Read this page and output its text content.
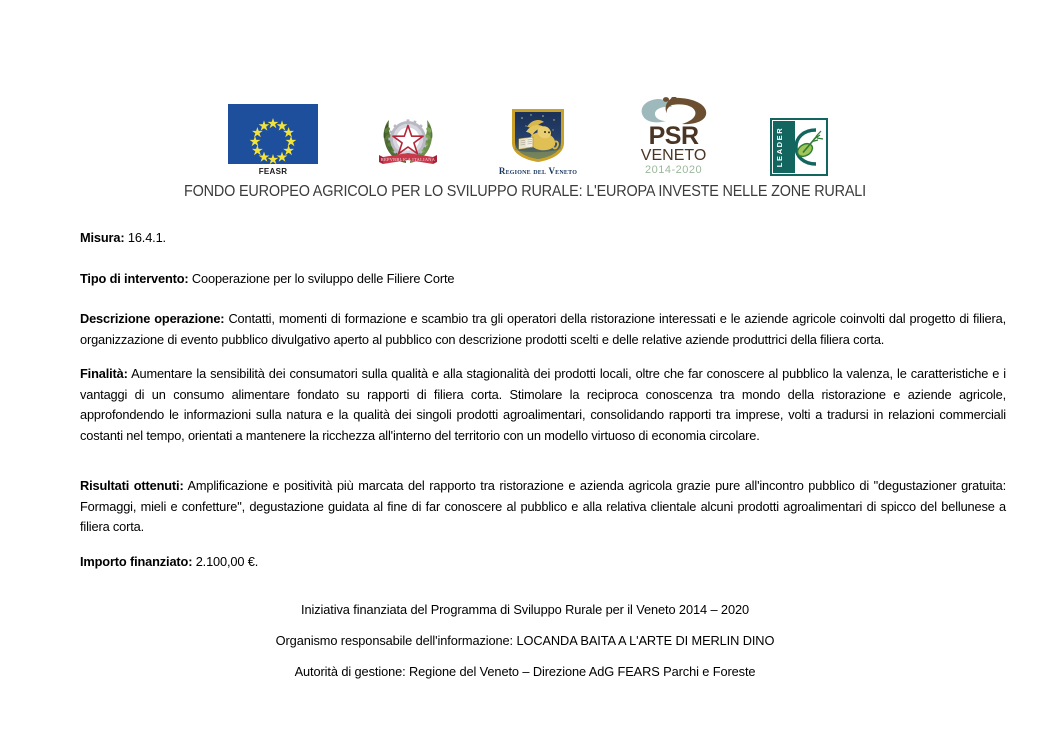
FEASR
REPVBBLICA ITALIANA
Regione del Veneto
PSR
VENETO
2014-2020
LEADER
FONDO EUROPEO AGRICOLO PER LO SVILUPPO RURALE: L'EUROPA INVESTE NELLE ZONE RURALI

Misura: 16.4.1.

Tipo di intervento: Cooperazione per lo sviluppo delle Filiere Corte

Descrizione operazione: Contatti, momenti di formazione e scambio tra gli operatori della ristorazione interessati e le aziende agricole coinvolti dal progetto di filiera, organizzazione di evento pubblico divulgativo aperto al pubblico con descrizione prodotti scelti e delle relative aziende produttrici della filiera corta.

Finalità: Aumentare la sensibilità dei consumatori sulla qualità e alla stagionalità dei prodotti locali, oltre che far conoscere al pubblico la valenza, le caratteristiche e i vantaggi di un consumo alimentare fondato su rapporti di filiera corta. Stimolare la reciproca conoscenza tra mondo della ristorazione e aziende agricole, approfondendo le informazioni sulla natura e la qualità dei singoli prodotti agroalimentari, consolidando rapporti tra imprese, volti a tradursi in relazioni commerciali costanti nel tempo, orientati a mantenere la ricchezza all'interno del territorio con un modello virtuoso di economia circolare.

Risultati ottenuti: Amplificazione e positività più marcata del rapporto tra ristorazione e azienda agricola grazie pure all'incontro pubblico di "degustazioner gratuita: Formaggi, mieli e confetture", degustazione guidata al fine di far conoscere al pubblico e alla relativa clientale alcuni prodotti agroalimentari di spicco del bellunese a filiera corta.

Importo finanziato: 2.100,00 €.

Iniziativa finanziata del Programma di Sviluppo Rurale per il Veneto 2014 – 2020
Organismo responsabile dell'informazione: LOCANDA BAITA A L'ARTE DI MERLIN DINO
Autorità di gestione: Regione del Veneto – Direzione AdG FEARS Parchi e Foreste
